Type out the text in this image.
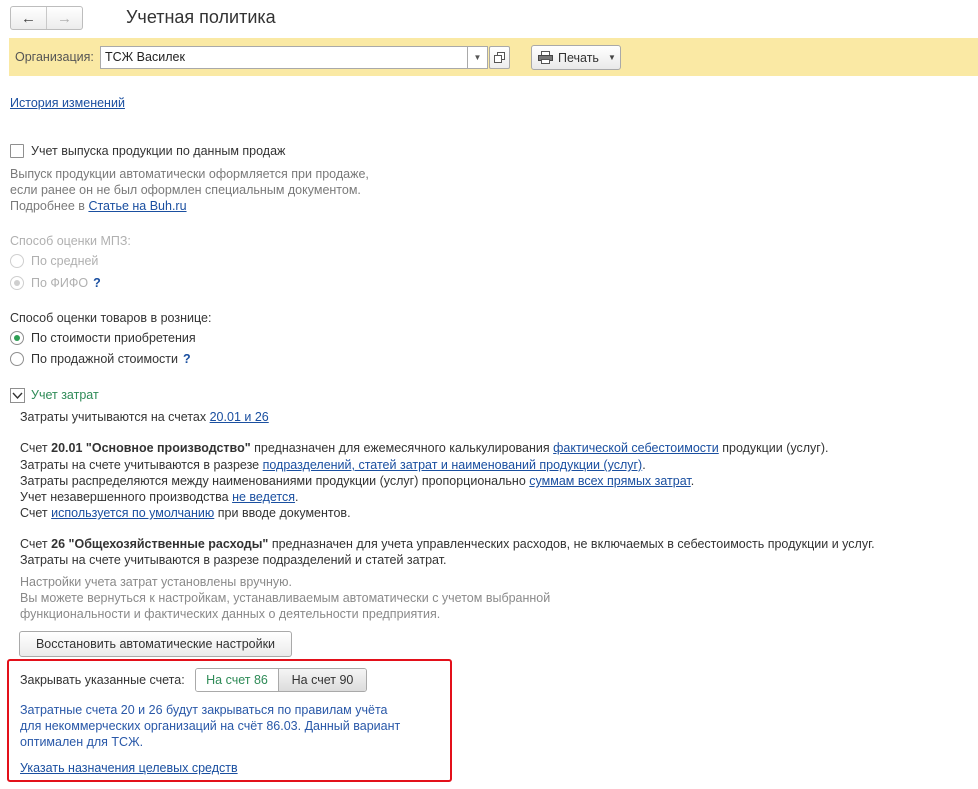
← →	Учетная политика
Организация: ТСЖ Василек	▼	Печать ▼
История изменений
Учет выпуска продукции по данным продаж
Выпуск продукции автоматически оформляется при продаже,
если ранее он не был оформлен специальным документом.
Подробнее в Статье на Buh.ru
Способ оценки МПЗ:
По средней
По ФИФО ?
Способ оценки товаров в рознице:
По стоимости приобретения
По продажной стоимости ?
Учет затрат
Затраты учитываются на счетах 20.01 и 26
Счет 20.01 "Основное производство" предназначен для ежемесячного калькулирования фактической себестоимости продукции (услуг).
Затраты на счете учитываются в разрезе подразделений, статей затрат и наименований продукции (услуг).
Затраты распределяются между наименованиями продукции (услуг) пропорционально суммам всех прямых затрат.
Учет незавершенного производства не ведется.
Счет используется по умолчанию при вводе документов.
Счет 26 "Общехозяйственные расходы" предназначен для учета управленческих расходов, не включаемых в себестоимость продукции и услуг.
Затраты на счете учитываются в разрезе подразделений и статей затрат.
Настройки учета затрат установлены вручную.
Вы можете вернуться к настройкам, устанавливаемым автоматически с учетом выбранной
функциональности и фактических данных о деятельности предприятия.
Восстановить автоматические настройки
Закрывать указанные счета:	На счет 86	На счет 90
Затратные счета 20 и 26 будут закрываться по правилам учёта
для некоммерческих организаций на счёт 86.03. Данный вариант
оптимален для ТСЖ.
Указать назначения целевых средств
